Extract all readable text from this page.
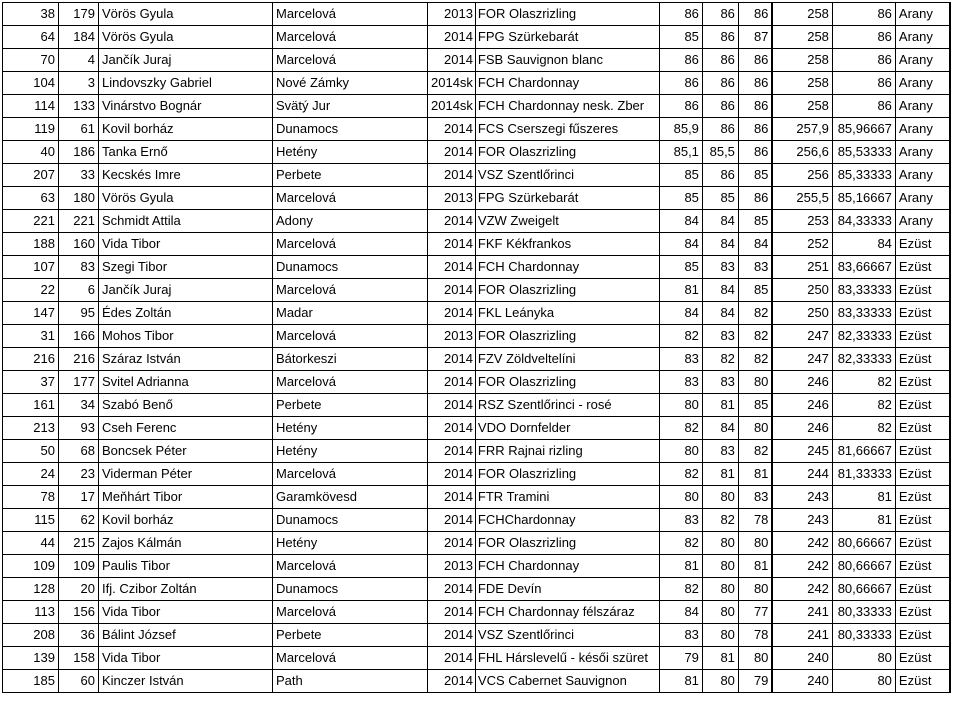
38	179	Vörös Gyula	Marcelová	2013	FOR Olaszrizling	86	86	86	258	86	Arany
64	184	Vörös Gyula	Marcelová	2014	FPG Szürkebarát	85	86	87	258	86	Arany
70	4	Jančík Juraj	Marcelová	2014	FSB Sauvignon blanc	86	86	86	258	86	Arany
104	3	Lindovszky Gabriel	Nové Zámky	2014sk	FCH Chardonnay	86	86	86	258	86	Arany
114	133	Vinárstvo Bognár	Svätý Jur	2014sk	FCH Chardonnay nesk. Zber	86	86	86	258	86	Arany
119	61	Kovil borház	Dunamocs	2014	FCS Cserszegi fűszeres	85,9	86	86	257,9	85,96667	Arany
40	186	Tanka Ernő	Hetény	2014	FOR Olaszrizling	85,1	85,5	86	256,6	85,53333	Arany
207	33	Kecskés Imre	Perbete	2014	VSZ Szentlőrinci	85	86	85	256	85,33333	Arany
63	180	Vörös Gyula	Marcelová	2013	FPG Szürkebarát	85	85	86	255,5	85,16667	Arany
221	221	Schmidt Attila	Adony	2014	VZW Zweigelt	84	84	85	253	84,33333	Arany
188	160	Vida Tibor	Marcelová	2014	FKF Kékfrankos	84	84	84	252	84	Ezüst
107	83	Szegi Tibor	Dunamocs	2014	FCH Chardonnay	85	83	83	251	83,66667	Ezüst
22	6	Jančík Juraj	Marcelová	2014	FOR Olaszrizling	81	84	85	250	83,33333	Ezüst
147	95	Édes Zoltán	Madar	2014	FKL Leányka	84	84	82	250	83,33333	Ezüst
31	166	Mohos Tibor	Marcelová	2013	FOR Olaszrizling	82	83	82	247	82,33333	Ezüst
216	216	Száraz István	Bátorkeszi	2014	FZV Zöldveltelíni	83	82	82	247	82,33333	Ezüst
37	177	Svitel Adrianna	Marcelová	2014	FOR Olaszrizling	83	83	80	246	82	Ezüst
161	34	Szabó Benő	Perbete	2014	RSZ Szentlőrinci - rosé	80	81	85	246	82	Ezüst
213	93	Cseh Ferenc	Hetény	2014	VDO Dornfelder	82	84	80	246	82	Ezüst
50	68	Boncsek Péter	Hetény	2014	FRR Rajnai rizling	80	83	82	245	81,66667	Ezüst
24	23	Viderman Péter	Marcelová	2014	FOR Olaszrizling	82	81	81	244	81,33333	Ezüst
78	17	Meňhárt Tibor	Garamkövesd	2014	FTR Tramini	80	80	83	243	81	Ezüst
115	62	Kovil borház	Dunamocs	2014	FCHChardonnay	83	82	78	243	81	Ezüst
44	215	Zajos Kálmán	Hetény	2014	FOR Olaszrizling	82	80	80	242	80,66667	Ezüst
109	109	Paulis Tibor	Marcelová	2013	FCH Chardonnay	81	80	81	242	80,66667	Ezüst
128	20	Ifj. Czibor Zoltán	Dunamocs	2014	FDE Devín	82	80	80	242	80,66667	Ezüst
113	156	Vida Tibor	Marcelová	2014	FCH Chardonnay félszáraz	84	80	77	241	80,33333	Ezüst
208	36	Bálint József	Perbete	2014	VSZ Szentlőrinci	83	80	78	241	80,33333	Ezüst
139	158	Vida Tibor	Marcelová	2014	FHL Hárslevelű - késői szüret	79	81	80	240	80	Ezüst
185	60	Kinczer István	Path	2014	VCS Cabernet Sauvignon	81	80	79	240	80	Ezüst
